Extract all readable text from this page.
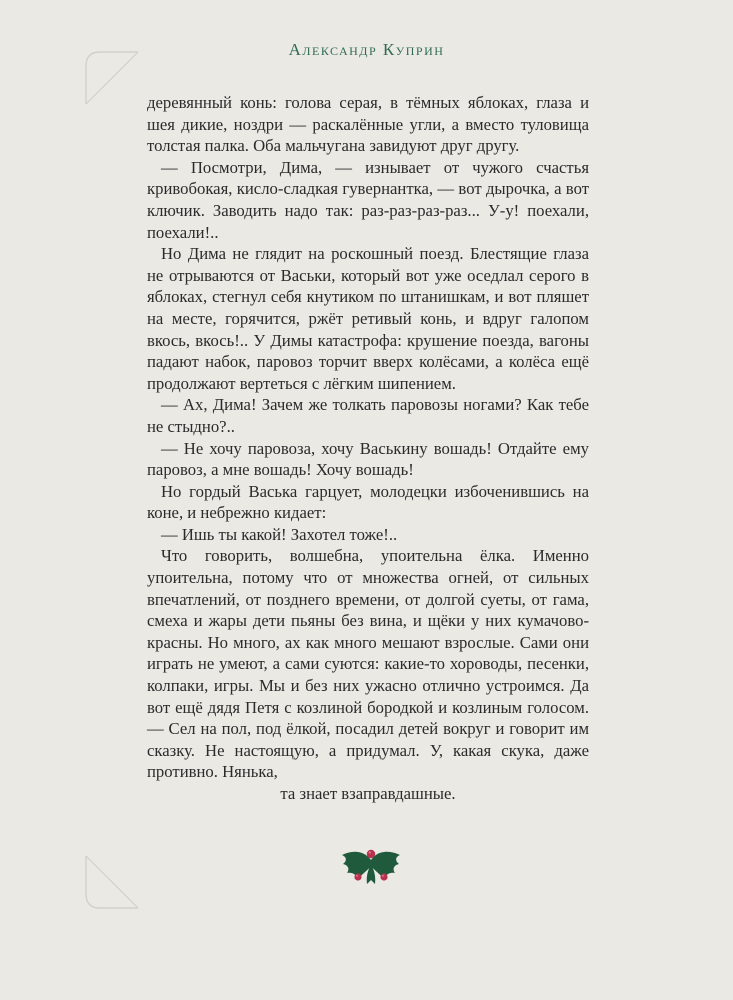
Александр Куприн

деревянный конь: голова серая, в тёмных яблоках, глаза и шея дикие, ноздри — раскалённые угли, а вместо туловища толстая палка. Оба мальчугана завидуют друг другу.

— Посмотри, Дима, — изнывает от чужого счастья кривобокая, кисло-сладкая гувернантка, — вот дырочка, а вот ключик. Заводить надо так: раз-раз-раз-раз... У-у! поехали, поехали!..

Но Дима не глядит на роскошный поезд. Блестящие глаза не отрываются от Васьки, который вот уже оседлал серого в яблоках, стегнул себя кнутиком по штанишкам, и вот пляшет на месте, горячится, ржёт ретивый конь, и вдруг галопом вкось, вкось!.. У Димы катастрофа: крушение поезда, вагоны падают набок, паровоз торчит вверх колёсами, а колёса ещё продолжают вертеться с лёгким шипением.

— Ах, Дима! Зачем же толкать паровозы ногами? Как тебе не стыдно?..

— Не хочу паровоза, хочу Васькину вошадь! Отдайте ему паровоз, а мне вошадь! Хочу вошадь!

Но гордый Васька гарцует, молодецки избоченившись на коне, и небрежно кидает:

— Ишь ты какой! Захотел тоже!..

Что говорить, волшебна, упоительна ёлка. Именно упоительна, потому что от множества огней, от сильных впечатлений, от позднего времени, от долгой суеты, от гама, смеха и жары дети пьяны без вина, и щёки у них кумачово-красны. Но много, ах как много мешают взрослые. Сами они играть не умеют, а сами суются: какие-то хороводы, песенки, колпаки, игры. Мы и без них ужасно отлично устроимся. Да вот ещё дядя Петя с козлиной бородкой и козлиным голосом. — Сел на пол, под ёлкой, посадил детей вокруг и говорит им сказку. Не настоящую, а придумал. У, какая скука, даже противно. Нянька,

та знает взаправдашные.
